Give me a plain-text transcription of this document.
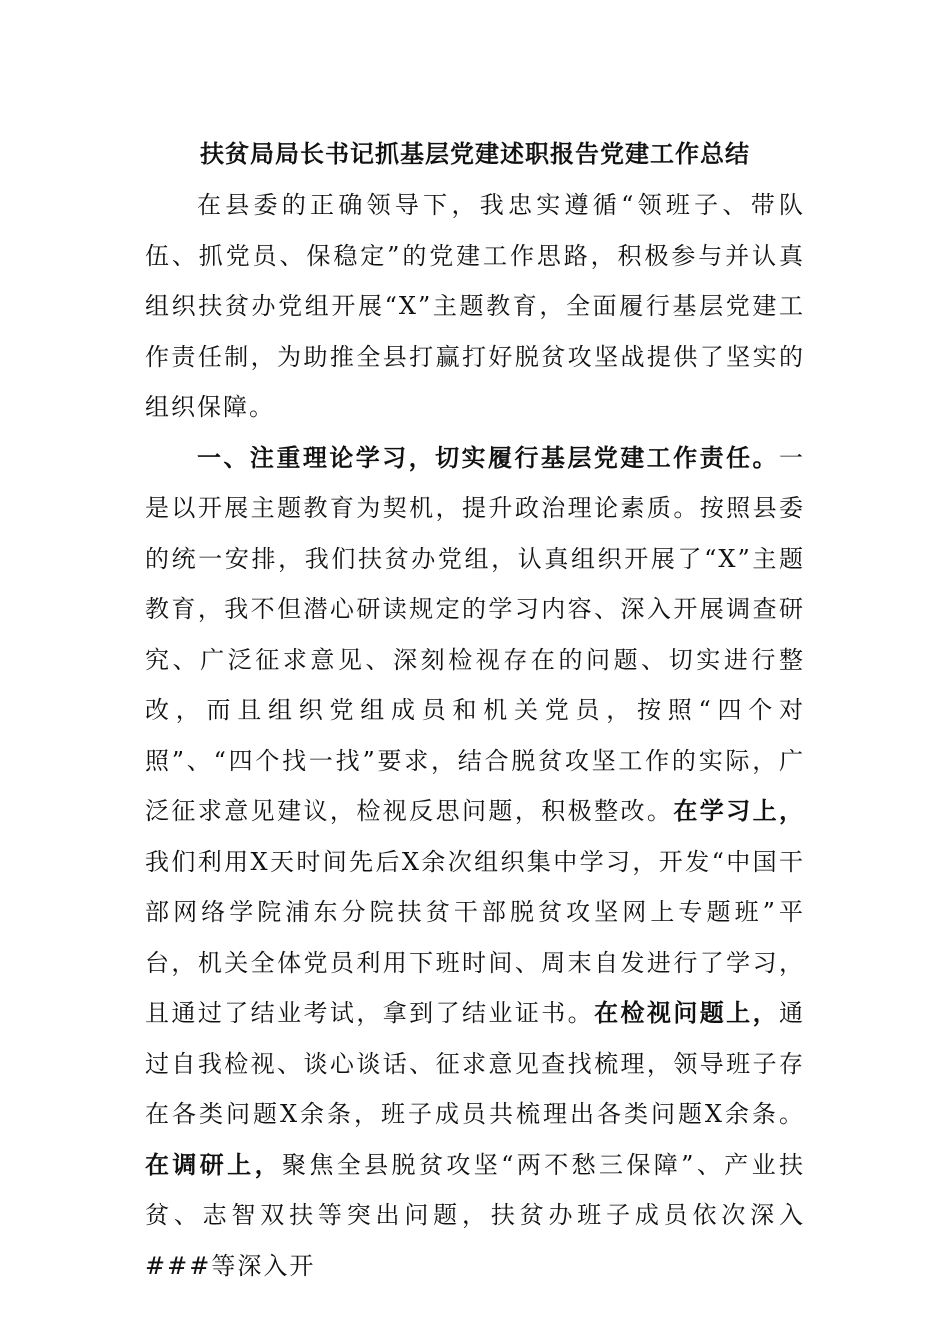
扶贫局局长书记抓基层党建述职报告党建工作总结

在县委的正确领导下，我忠实遵循“领班子、带队伍、抓党员、保稳定”的党建工作思路，积极参与并认真组织扶贫办党组开展“X”主题教育，全面履行基层党建工作责任制，为助推全县打赢打好脱贫攻坚战提供了坚实的组织保障。

一、注重理论学习，切实履行基层党建工作责任。一是以开展主题教育为契机，提升政治理论素质。按照县委的统一安排，我们扶贫办党组，认真组织开展了“X”主题教育，我不但潜心研读规定的学习内容、深入开展调查研究、广泛征求意见、深刻检视存在的问题、切实进行整改，而且组织党组成员和机关党员，按照“四个对照”、“四个找一找”要求，结合脱贫攻坚工作的实际，广泛征求意见建议，检视反思问题，积极整改。在学习上，我们利用X天时间先后X余次组织集中学习，开发“中国干部网络学院浦东分院扶贫干部脱贫攻坚网上专题班”平台，机关全体党员利用下班时间、周末自发进行了学习，且通过了结业考试，拿到了结业证书。在检视问题上，通过自我检视、谈心谈话、征求意见查找梳理，领导班子存在各类问题X余条，班子成员共梳理出各类问题X余条。在调研上，聚焦全县脱贫攻坚“两不愁三保障”、产业扶贫、志智双扶等突出问题，扶贫办班子成员依次深入###等深入开
